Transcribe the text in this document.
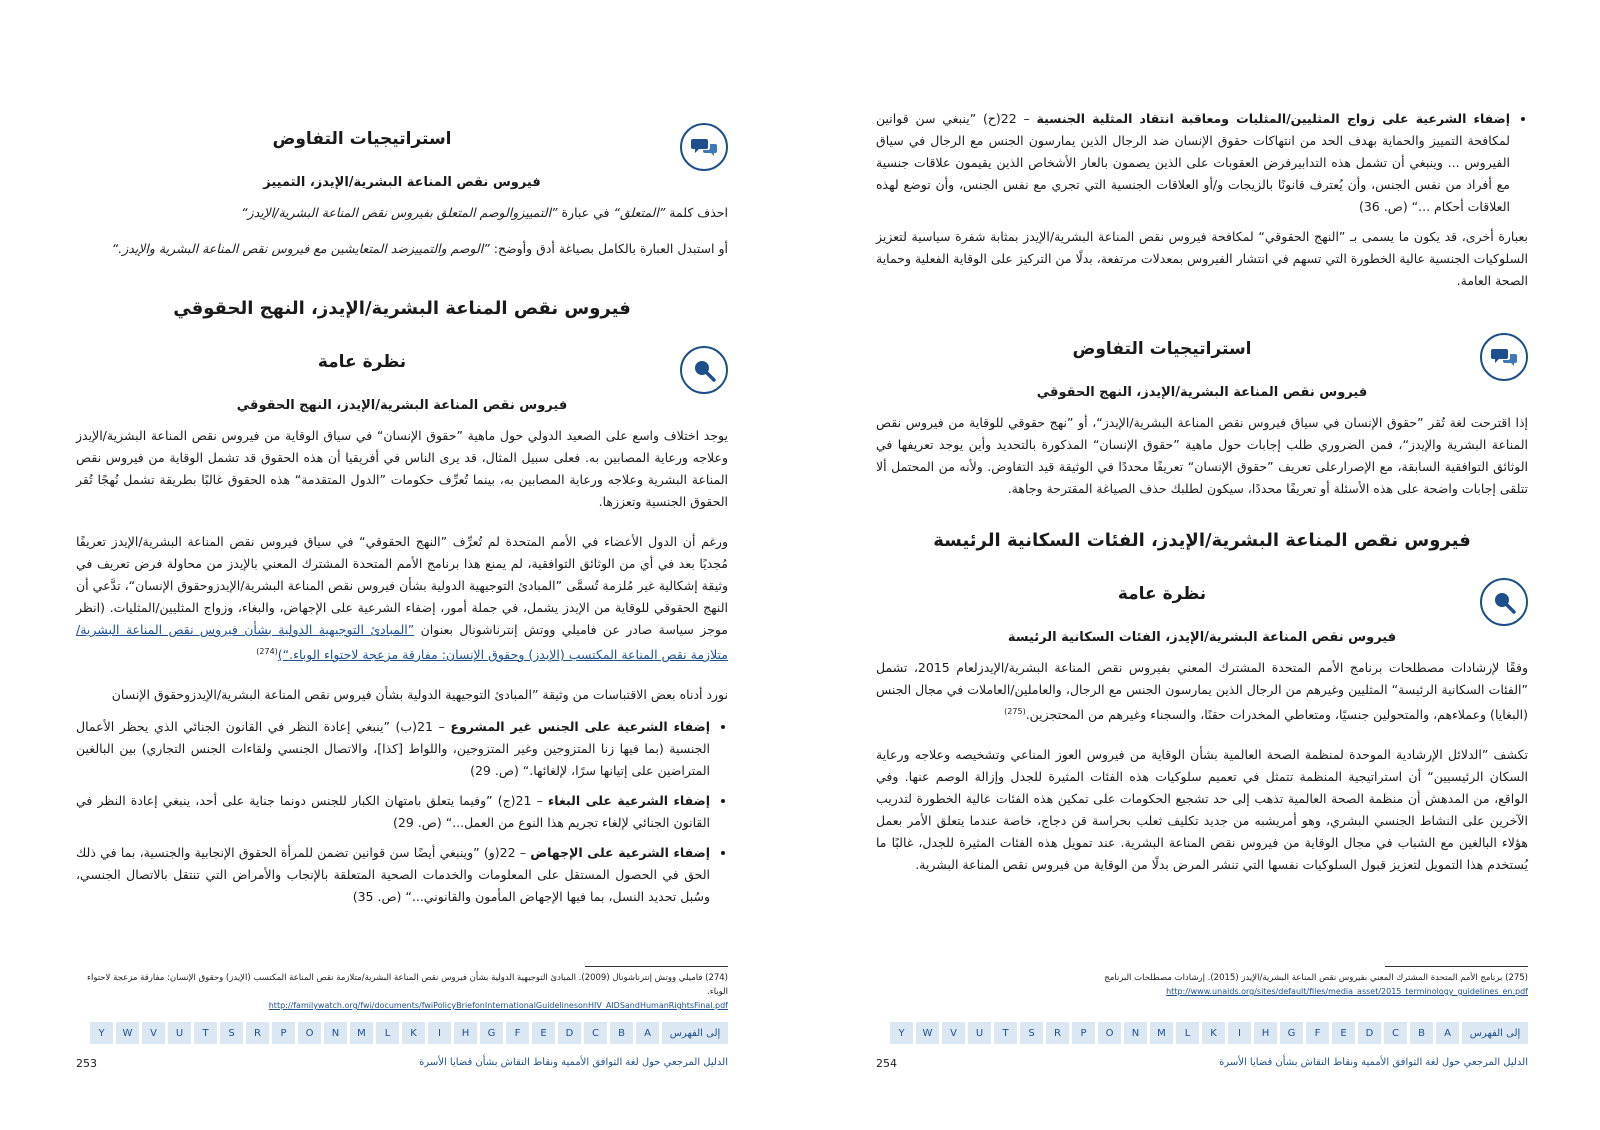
استراتيجيات التفاوض
فيروس نقص المناعة البشرية/الإيدز، التمييز

احذف كلمة ”المتعلق“ في عبارة ”التمييزوالوصم المتعلق بفيروس نقص المناعة البشرية/الإيدز“

أو استبدل العبارة بالكامل بصياغة أدق وأوضح: ”الوصم والتمييزضد المتعايشين مع فيروس نقص المناعة البشرية والإيدز.“

فيروس نقص المناعة البشرية/الإيدز، النهج الحقوقي
نظرة عامة
فيروس نقص المناعة البشرية/الإيدز، النهج الحقوقي

يوجد اختلاف واسع على الصعيد الدولي حول ماهية ”حقوق الإنسان“ في سياق الوقاية من فيروس نقص المناعة البشرية/الإيدز وعلاجه ورعاية المصابين به. فعلى سبيل المثال، قد يرى الناس في أفريقيا أن هذه الحقوق قد تشمل الوقاية من فيروس نقص المناعة البشرية وعلاجه ورعاية المصابين به، بينما تُعرِّف حكومات ”الدول المتقدمة“ هذه الحقوق غالبًا بطريقة تشمل نُهجًا تُقر الحقوق الجنسية وتعززها.

ورغم أن الدول الأعضاء في الأمم المتحدة لم تُعرِّف ”النهج الحقوقي“ في سياق فيروس نقص المناعة البشرية/الإيدز تعريفًا مُجديًا بعد في أي من الوثائق التوافقية، لم يمنع هذا برنامج الأمم المتحدة المشترك المعني بالإيدز من محاولة فرض تعريف في وثيقة إشكالية غير مُلزمة تُسمَّى ”المبادئ التوجيهية الدولية بشأن فيروس نقص المناعة البشرية/الإيدزوحقوق الإنسان“، تدَّعي أن النهج الحقوقي للوقاية من الإيدز يشمل، في جملة أمور، إضفاء الشرعية على الإجهاض، والبغاء، وزواج المثليين/المثليات. (انظر موجز سياسة صادر عن فاميلي ووتش إنترناشونال بعنوان ”المبادئ التوجيهية الدولية بشأن فيروس نقص المناعة البشرية/متلازمة نقص المناعة المكتسب (الإيدز) وحقوق الإنسان: مفارقة مزعجة لاحتواء الوباء.“)$^{(274)}$

نورد أدناه بعض الاقتباسات من وثيقة ”المبادئ التوجيهية الدولية بشأن فيروس نقص المناعة البشرية/الإيدزوحقوق الإنسان

• إضفاء الشرعية على الجنس غير المشروع – 21(ب) ”ينبغي إعادة النظر في القانون الجنائي الذي يحظر الأعمال الجنسية (بما فيها زنا المتزوجين وغير المتزوجين، واللواط [كذا]، والاتصال الجنسي ولقاءات الجنس التجاري) بين البالغين المتراضين على إتيانها سرًا، لإلغائها.“ (ص. 29)
• إضفاء الشرعية على البغاء – 21(ج) ”وفيما يتعلق بامتهان الكبار للجنس دونما جناية على أحد، ينبغي إعادة النظر في القانون الجنائي لإلغاء تجريم هذا النوع من العمل...“ (ص. 29)
• إضفاء الشرعية على الإجهاض – 22(و) ”وينبغي أيضًا سن قوانين تضمن للمرأة الحقوق الإنجابية والجنسية، بما في ذلك الحق في الحصول المستقل على المعلومات والخدمات الصحية المتعلقة بالإنجاب والأمراض التي تنتقل بالاتصال الجنسي، وسُبل تحديد النسل، بما فيها الإجهاض المأمون والقانوني...“ (ص. 35)
(274) فاميلي ووتش إنترناشونال (2009). المبادئ التوجيهية الدولية بشأن فيروس نقص المناعة البشرية/متلازمة نقص المناعة المكتسب (الإيدز) وحقوق الإنسان: مفارقة مزعجة لاحتواء الوباء.
http://familywatch.org/fwi/documents/fwiPolicyBriefonInternationalGuidelinesonHIV_AIDSandHumanRightsFinal.pdf
إلى الفهرس
A
B
C
D
E
F
G
H
I
K
L
M
N
O
P
R
S
T
U
V
W
Y
253	الدليل المرجعي حول لغة التوافق الأممية ونقاط النقاش بشأن قضايا الأسرة
• إضفاء الشرعية على زواج المثليين/المثليات ومعاقبة انتقاد المثلية الجنسية – 22(ح) ”ينبغي سن قوانين لمكافحة التمييز والحماية بهدف الحد من انتهاكات حقوق الإنسان ضد الرجال الذين يمارسون الجنس مع الرجال في سياق الفيروس ... وينبغي أن تشمل هذه التدابيرفرض العقوبات على الذين يصمون بالعار الأشخاص الذين يقيمون علاقات جنسية مع أفراد من نفس الجنس، وأن يُعترف قانونًا بالزيجات و/أو العلاقات الجنسية التي تجري مع نفس الجنس، وأن توضع لهذه العلاقات أحكام ...“ (ص. 36)

بعبارة أخرى، قد يكون ما يسمى بـ ”النهج الحقوقي“ لمكافحة فيروس نقص المناعة البشرية/الإيدز بمثابة شفرة سياسية لتعزيز السلوكيات الجنسية عالية الخطورة التي تسهم في انتشار الفيروس بمعدلات مرتفعة، بدلًا من التركيز على الوقاية الفعلية وحماية الصحة العامة.

استراتيجيات التفاوض
فيروس نقص المناعة البشرية/الإيدز، النهج الحقوقي

إذا اقترحت لغة تُقر ”حقوق الإنسان في سياق فيروس نقص المناعة البشرية/الإيدز“، أو ”نهج حقوقي للوقاية من فيروس نقص المناعة البشرية والإيدز“، فمن الضروري طلب إجابات حول ماهية ”حقوق الإنسان“ المذكورة بالتحديد وأين يوجد تعريفها في الوثائق التوافقية السابقة، مع الإصرارعلى تعريف ”حقوق الإنسان“ تعريفًا محددًا في الوثيقة قيد التفاوض. ولأنه من المحتمل ألا تتلقى إجابات واضحة على هذه الأسئلة أو تعريفًا محددًا، سيكون لطلبك حذف الصياغة المقترحة وجاهة.

فيروس نقص المناعة البشرية/الإيدز، الفئات السكانية الرئيسة
نظرة عامة
فيروس نقص المناعة البشرية/الإيدز، الفئات السكانية الرئيسة

وفقًا لإرشادات مصطلحات برنامج الأمم المتحدة المشترك المعني بفيروس نقص المناعة البشرية/الإيدزلعام 2015، تشمل ”الفئات السكانية الرئيسة“ المثليين وغيرهم من الرجال الذين يمارسون الجنس مع الرجال، والعاملين/العاملات في مجال الجنس (البغايا) وعملاءهم، والمتحولين جنسيًا، ومتعاطي المخدرات حقنًا، والسجناء وغيرهم من المحتجزين.$^{(275)}$

تكشف ”الدلائل الإرشادية الموحدة لمنظمة الصحة العالمية بشأن الوقاية من فيروس العوز المناعي وتشخيصه وعلاجه ورعاية السكان الرئيسيين“ أن استراتيجية المنظمة تتمثل في تعميم سلوكيات هذه الفئات المثيرة للجدل وإزالة الوصم عنها. وفي الواقع، من المدهش أن منظمة الصحة العالمية تذهب إلى حد تشجيع الحكومات على تمكين هذه الفئات عالية الخطورة لتدريب الآخرين على النشاط الجنسي البشري، وهو أمريشبه من جديد تكليف ثعلب بحراسة قن دجاج، خاصة عندما يتعلق الأمر بعمل هؤلاء البالغين مع الشباب في مجال الوقاية من فيروس نقص المناعة البشرية. عند تمويل هذه الفئات المثيرة للجدل، غالبًا ما يُستخدم هذا التمويل لتعزيز قبول السلوكيات نفسها التي تنشر المرض بدلًا من الوقاية من فيروس نقص المناعة البشرية.

(275) برنامج الأمم المتحدة المشترك المعني بفيروس نقص المناعة البشرية/الإيدز (2015). إرشادات مصطلحات البرنامج
http://www.unaids.org/sites/default/files/media_asset/2015_terminology_guidelines_en.pdf
إلى الفهرس
A
B
C
D
E
F
G
H
I
K
L
M
N
O
P
R
S
T
U
V
W
Y
254	الدليل المرجعي حول لغة التوافق الأممية ونقاط النقاش بشأن قضايا الأسرة
